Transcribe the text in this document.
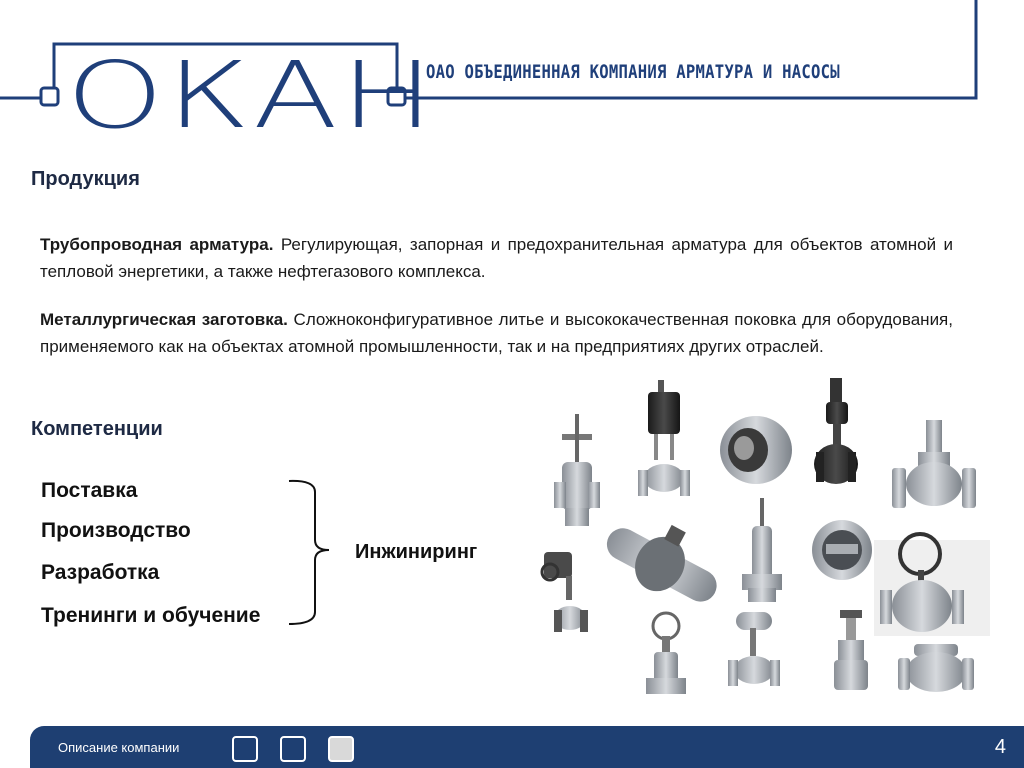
ОКАН
ОАО ОБЪЕДИНЕННАЯ КОМПАНИЯ АРМАТУРА И НАСОСЫ
Продукция

Трубопроводная арматура. Регулирующая, запорная и предохранительная арматура для объектов атомной и тепловой энергетики, а также нефтегазового комплекса.

Металлургическая заготовка. Сложноконфигуративное литье и высококачественная поковка для оборудования, применяемого как на объектах атомной промышленности, так и на предприятиях других отраслей.

Компетенции

Поставка

Производство

Разработка

Тренинги и обучение

Инжиниринг
Описание компании	4
